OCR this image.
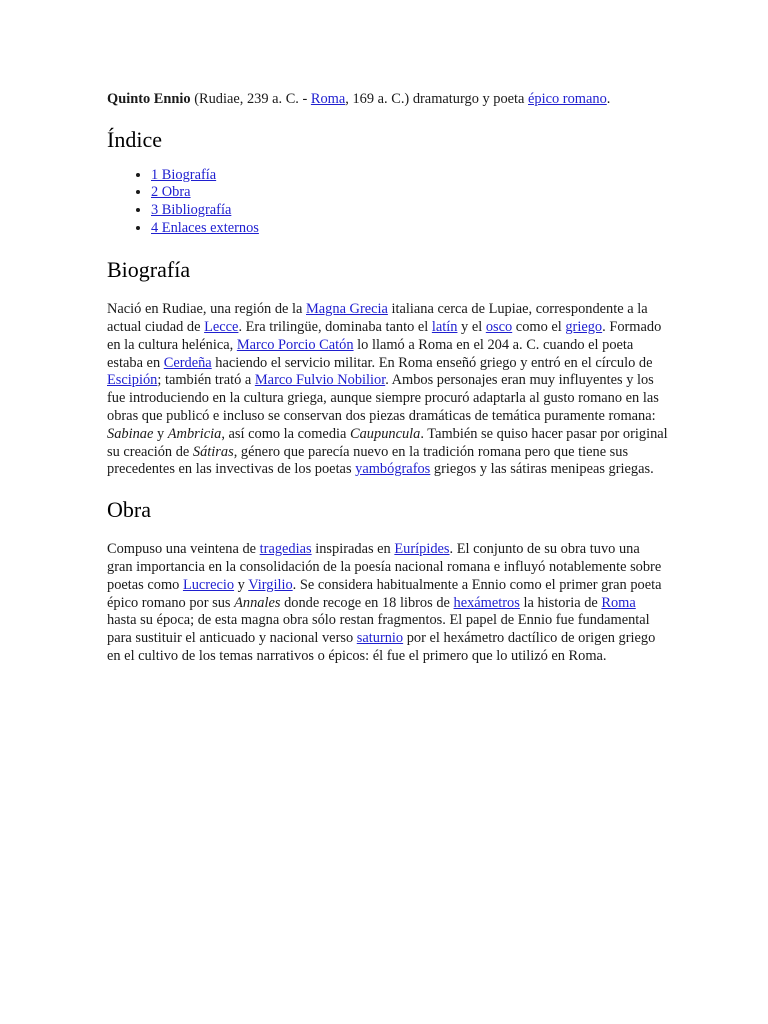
Quinto Ennio (Rudiae, 239 a. C. - Roma, 169 a. C.) dramaturgo y poeta épico romano.

Índice
• 1 Biografía
• 2 Obra
• 3 Bibliografía
• 4 Enlaces externos
Biografía

Nació en Rudiae, una región de la Magna Grecia italiana cerca de Lupiae, correspondente a la actual ciudad de Lecce. Era trilingüe, dominaba tanto el latín y el osco como el griego. Formado en la cultura helénica, Marco Porcio Catón lo llamó a Roma en el 204 a. C. cuando el poeta estaba en Cerdeña haciendo el servicio militar. En Roma enseñó griego y entró en el círculo de Escipión; también trató a Marco Fulvio Nobilior. Ambos personajes eran muy influyentes y los fue introduciendo en la cultura griega, aunque siempre procuró adaptarla al gusto romano en las obras que publicó e incluso se conservan dos piezas dramáticas de temática puramente romana: Sabinae y Ambricia, así como la comedia Caupuncula. También se quiso hacer pasar por original su creación de Sátiras, género que parecía nuevo en la tradición romana pero que tiene sus precedentes en las invectivas de los poetas yambógrafos griegos y las sátiras menipeas griegas.

Obra

Compuso una veintena de tragedias inspiradas en Eurípides. El conjunto de su obra tuvo una gran importancia en la consolidación de la poesía nacional romana e influyó notablemente sobre poetas como Lucrecio y Virgilio. Se considera habitualmente a Ennio como el primer gran poeta épico romano por sus Annales donde recoge en 18 libros de hexámetros la historia de Roma hasta su época; de esta magna obra sólo restan fragmentos. El papel de Ennio fue fundamental para sustituir el anticuado y nacional verso saturnio por el hexámetro dactílico de origen griego en el cultivo de los temas narrativos o épicos: él fue el primero que lo utilizó en Roma.
